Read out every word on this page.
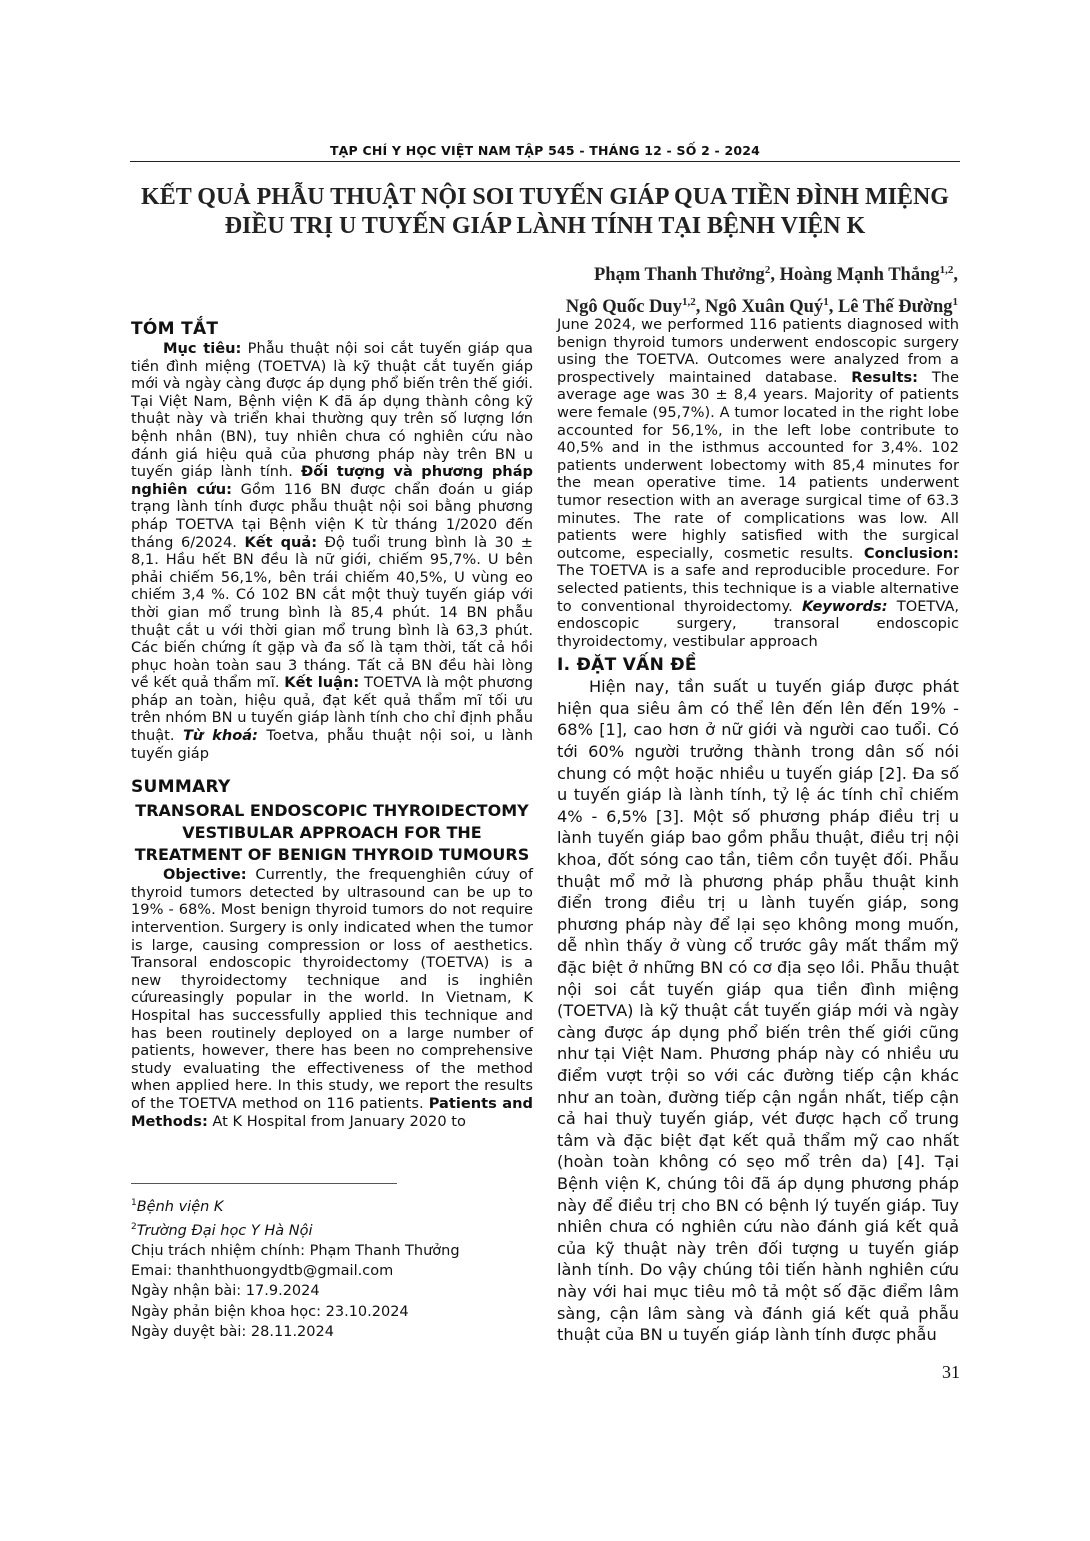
TẠP CHÍ Y HỌC VIỆT NAM TẬP 545 - THÁNG 12 - SỐ 2 - 2024
KẾT QUẢ PHẪU THUẬT NỘI SOI TUYẾN GIÁP QUA TIỀN ĐÌNH MIỆNG
ĐIỀU TRỊ U TUYẾN GIÁP LÀNH TÍNH TẠI BỆNH VIỆN K
Phạm Thanh Thưởng$^2$, Hoàng Mạnh Thắng$^{1,2}$,
Ngô Quốc Duy$^{1,2}$, Ngô Xuân Quý$^1$, Lê Thế Đường$^1$
TÓM TẮT

Mục tiêu: Phẫu thuật nội soi cắt tuyến giáp qua tiền đình miệng (TOETVA) là kỹ thuật cắt tuyến giáp mới và ngày càng được áp dụng phổ biến trên thế giới. Tại Việt Nam, Bệnh viện K đã áp dụng thành công kỹ thuật này và triển khai thường quy trên số lượng lớn bệnh nhân (BN), tuy nhiên chưa có nghiên cứu nào đánh giá hiệu quả của phương pháp này trên BN u tuyến giáp lành tính. Đối tượng và phương pháp nghiên cứu: Gồm 116 BN được chẩn đoán u giáp trạng lành tính được phẫu thuật nội soi bằng phương pháp TOETVA tại Bệnh viện K từ tháng 1/2020 đến tháng 6/2024. Kết quả: Độ tuổi trung bình là 30 ± 8,1. Hầu hết BN đều là nữ giới, chiếm 95,7%. U bên phải chiếm 56,1%, bên trái chiếm 40,5%, U vùng eo chiếm 3,4 %. Có 102 BN cắt một thuỳ tuyến giáp với thời gian mổ trung bình là 85,4 phút. 14 BN phẫu thuật cắt u với thời gian mổ trung bình là 63,3 phút. Các biến chứng ít gặp và đa số là tạm thời, tất cả hồi phục hoàn toàn sau 3 tháng. Tất cả BN đều hài lòng về kết quả thẩm mĩ. Kết luận: TOETVA là một phương pháp an toàn, hiệu quả, đạt kết quả thẩm mĩ tối ưu trên nhóm BN u tuyến giáp lành tính cho chỉ định phẫu thuật. Từ khoá: Toetva, phẫu thuật nội soi, u lành tuyến giáp

SUMMARY
TRANSORAL ENDOSCOPIC THYROIDECTOMY VESTIBULAR APPROACH FOR THE TREATMENT OF BENIGN THYROID TUMOURS

Objective: Currently, the frequenghiên cứuy of thyroid tumors detected by ultrasound can be up to 19% - 68%. Most benign thyroid tumors do not require intervention. Surgery is only indicated when the tumor is large, causing compression or loss of aesthetics. Transoral endoscopic thyroidectomy (TOETVA) is a new thyroidectomy technique and is inghiên cứureasingly popular in the world. In Vietnam, K Hospital has successfully applied this technique and has been routinely deployed on a large number of patients, however, there has been no comprehensive study evaluating the effectiveness of the method when applied here. In this study, we report the results of the TOETVA method on 116 patients. Patients and Methods: At K Hospital from January 2020 to

$^1$Bệnh viện K
$^2$Trường Đại học Y Hà Nội
Chịu trách nhiệm chính: Phạm Thanh Thưởng
Emai: thanhthuongydtb@gmail.com
Ngày nhận bài: 17.9.2024
Ngày phản biện khoa học: 23.10.2024
Ngày duyệt bài: 28.11.2024

June 2024, we performed 116 patients diagnosed with benign thyroid tumors underwent endoscopic surgery using the TOETVA. Outcomes were analyzed from a prospectively maintained database. Results: The average age was 30 ± 8,4 years. Majority of patients were female (95,7%). A tumor located in the right lobe accounted for 56,1%, in the left lobe contribute to 40,5% and in the isthmus accounted for 3,4%. 102 patients underwent lobectomy with 85,4 minutes for the mean operative time. 14 patients underwent tumor resection with an average surgical time of 63.3 minutes. The rate of complications was low. All patients were highly satisfied with the surgical outcome, especially, cosmetic results. Conclusion: The TOETVA is a safe and reproducible procedure. For selected patients, this technique is a viable alternative to conventional thyroidectomy. Keywords: TOETVA, endoscopic surgery, transoral endoscopic thyroidectomy, vestibular approach

I. ĐẶT VẤN ĐỀ

Hiện nay, tần suất u tuyến giáp được phát hiện qua siêu âm có thể lên đến lên đến 19% - 68% [1], cao hơn ở nữ giới và người cao tuổi. Có tới 60% người trưởng thành trong dân số nói chung có một hoặc nhiều u tuyến giáp [2]. Đa số u tuyến giáp là lành tính, tỷ lệ ác tính chỉ chiếm 4% - 6,5% [3]. Một số phương pháp điều trị u lành tuyến giáp bao gồm phẫu thuật, điều trị nội khoa, đốt sóng cao tần, tiêm cồn tuyệt đối. Phẫu thuật mổ mở là phương pháp phẫu thuật kinh điển trong điều trị u lành tuyến giáp, song phương pháp này để lại sẹo không mong muốn, dễ nhìn thấy ở vùng cổ trước gây mất thẩm mỹ đặc biệt ở những BN có cơ địa sẹo lồi. Phẫu thuật nội soi cắt tuyến giáp qua tiền đình miệng (TOETVA) là kỹ thuật cắt tuyến giáp mới và ngày càng được áp dụng phổ biến trên thế giới cũng như tại Việt Nam. Phương pháp này có nhiều ưu điểm vượt trội so với các đường tiếp cận khác như an toàn, đường tiếp cận ngắn nhất, tiếp cận cả hai thuỳ tuyến giáp, vét được hạch cổ trung tâm và đặc biệt đạt kết quả thẩm mỹ cao nhất (hoàn toàn không có sẹo mổ trên da) [4]. Tại Bệnh viện K, chúng tôi đã áp dụng phương pháp này để điều trị cho BN có bệnh lý tuyến giáp. Tuy nhiên chưa có nghiên cứu nào đánh giá kết quả của kỹ thuật này trên đối tượng u tuyến giáp lành tính. Do vậy chúng tôi tiến hành nghiên cứu này với hai mục tiêu mô tả một số đặc điểm lâm sàng, cận lâm sàng và đánh giá kết quả phẫu thuật của BN u tuyến giáp lành tính được phẫu

31
